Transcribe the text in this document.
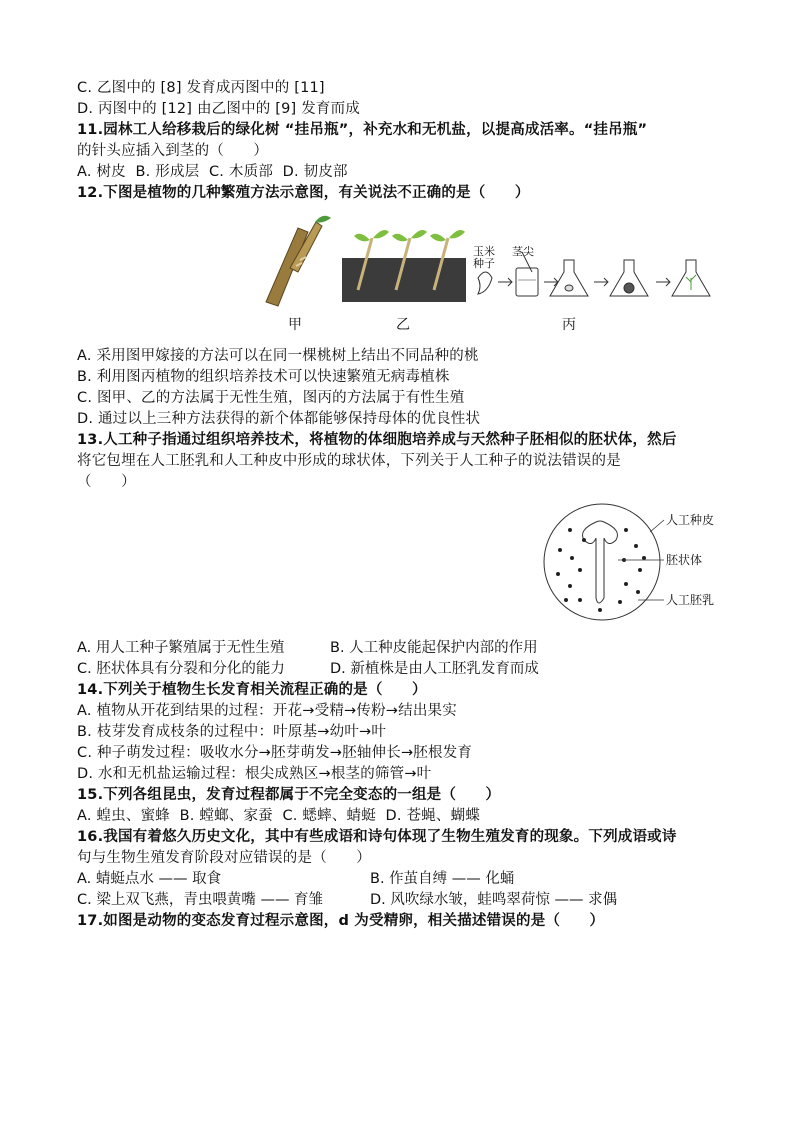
C. 乙图中的 [8] 发育成丙图中的 [11]
D. 丙图中的 [12] 由乙图中的 [9] 发育而成
11.园林工人给移栽后的绿化树 “挂吊瓶”，补充水和无机盐，以提高成活率。“挂吊瓶”
的针头应插入到茎的（　　）
A. 树皮  B. 形成层  C. 木质部  D. 韧皮部
12.下图是植物的几种繁殖方法示意图，有关说法不正确的是（　　）
玉米
种子
茎尖
甲	乙	丙
A. 采用图甲嫁接的方法可以在同一棵桃树上结出不同品种的桃
B. 利用图丙植物的组织培养技术可以快速繁殖无病毒植株
C. 图甲、乙的方法属于无性生殖，图丙的方法属于有性生殖
D. 通过以上三种方法获得的新个体都能够保持母体的优良性状
13.人工种子指通过组织培养技术，将植物的体细胞培养成与天然种子胚相似的胚状体，然后
将它包埋在人工胚乳和人工种皮中形成的球状体，下列关于人工种子的说法错误的是
（　　）
人工种皮
胚状体
人工胚乳
A. 用人工种子繁殖属于无性生殖	B. 人工种皮能起保护内部的作用
C. 胚状体具有分裂和分化的能力	D. 新植株是由人工胚乳发育而成
14.下列关于植物生长发育相关流程正确的是（　　）
A. 植物从开花到结果的过程：开花→受精→传粉→结出果实
B. 枝芽发育成枝条的过程中：叶原基→幼叶→叶
C. 种子萌发过程：吸收水分→胚芽萌发→胚轴伸长→胚根发育
D. 水和无机盐运输过程：根尖成熟区→根茎的筛管→叶
15.下列各组昆虫，发育过程都属于不完全变态的一组是（　　）
A. 蝗虫、蜜蜂  B. 螳螂、家蚕  C. 蟋蟀、蜻蜓  D. 苍蝇、蝴蝶
16.我国有着悠久历史文化，其中有些成语和诗句体现了生物生殖发育的现象。下列成语或诗
句与生物生殖发育阶段对应错误的是（　　）
A. 蜻蜓点水 —— 取食	B. 作茧自缚 —— 化蛹
C. 梁上双飞燕，青虫喂黄嘴 —— 育雏	D. 风吹绿水皱，蛙鸣翠荷惊 —— 求偶
17.如图是动物的变态发育过程示意图，d 为受精卵，相关描述错误的是（　　）
